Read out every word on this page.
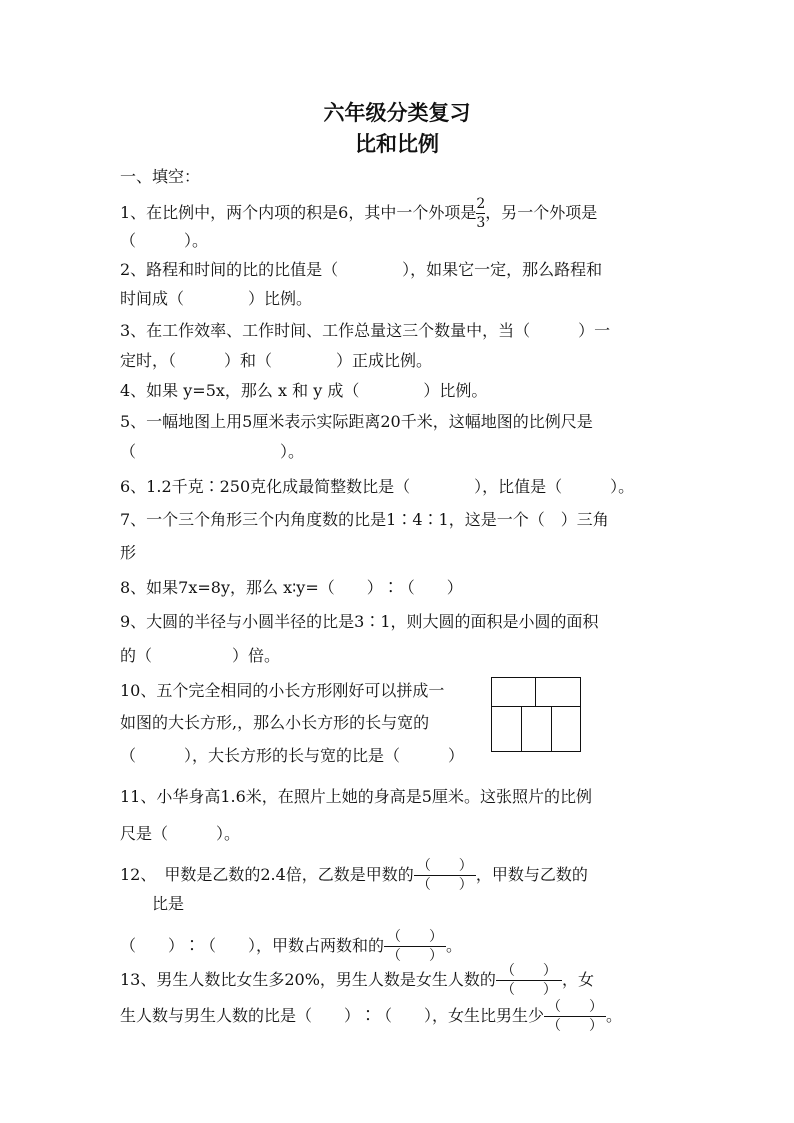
六年级分类复习
比和比例
一、填空：
1、在比例中，两个内项的积是6，其中一个外项是 $\frac{2}{3}$ ，另一个外项是
（　　　）。
2、路程和时间的比的比值是（　　　　），如果它一定，那么路程和
时间成（　　　　）比例。
3、在工作效率、工作时间、工作总量这三个数量中，当（　　　）一
定时，（　　　）和（　　　　）正成比例。
4、如果 y=5x，那么 x 和 y 成（　　　　）比例。
5、一幅地图上用5厘米表示实际距离20千米，这幅地图的比例尺是
（　　　　　　　　　）。
6、1.2千克∶250克化成最简整数比是（　　　　），比值是（　　　）。
7、一个三个角形三个内角度数的比是1∶4∶1，这是一个（　）三角
形
8、如果7x=8y，那么 x∶y=（　　）∶（　　）
9、大圆的半径与小圆半径的比是3∶1，则大圆的面积是小圆的面积
的（　　　　　）倍。
10、五个完全相同的小长方形刚好可以拼成一
如图的大长方形,，那么小长方形的长与宽的
（　　　），大长方形的长与宽的比是（　　　）
11、小华身高1.6米，在照片上她的身高是5厘米。这张照片的比例
尺是（　　　）。
12、　甲数是乙数的2.4倍，乙数是甲数的 $\frac{( )}{( )}$ ，甲数与乙数的
比是
（　　）∶（　　），甲数占两数和的 $\frac{( )}{( )}$ 。
13、男生人数比女生多20%，男生人数是女生人数的 $\frac{( )}{( )}$ ，女
生人数与男生人数的比是（　　）∶（　　），女生比男生少 $\frac{( )}{( )}$ 。
